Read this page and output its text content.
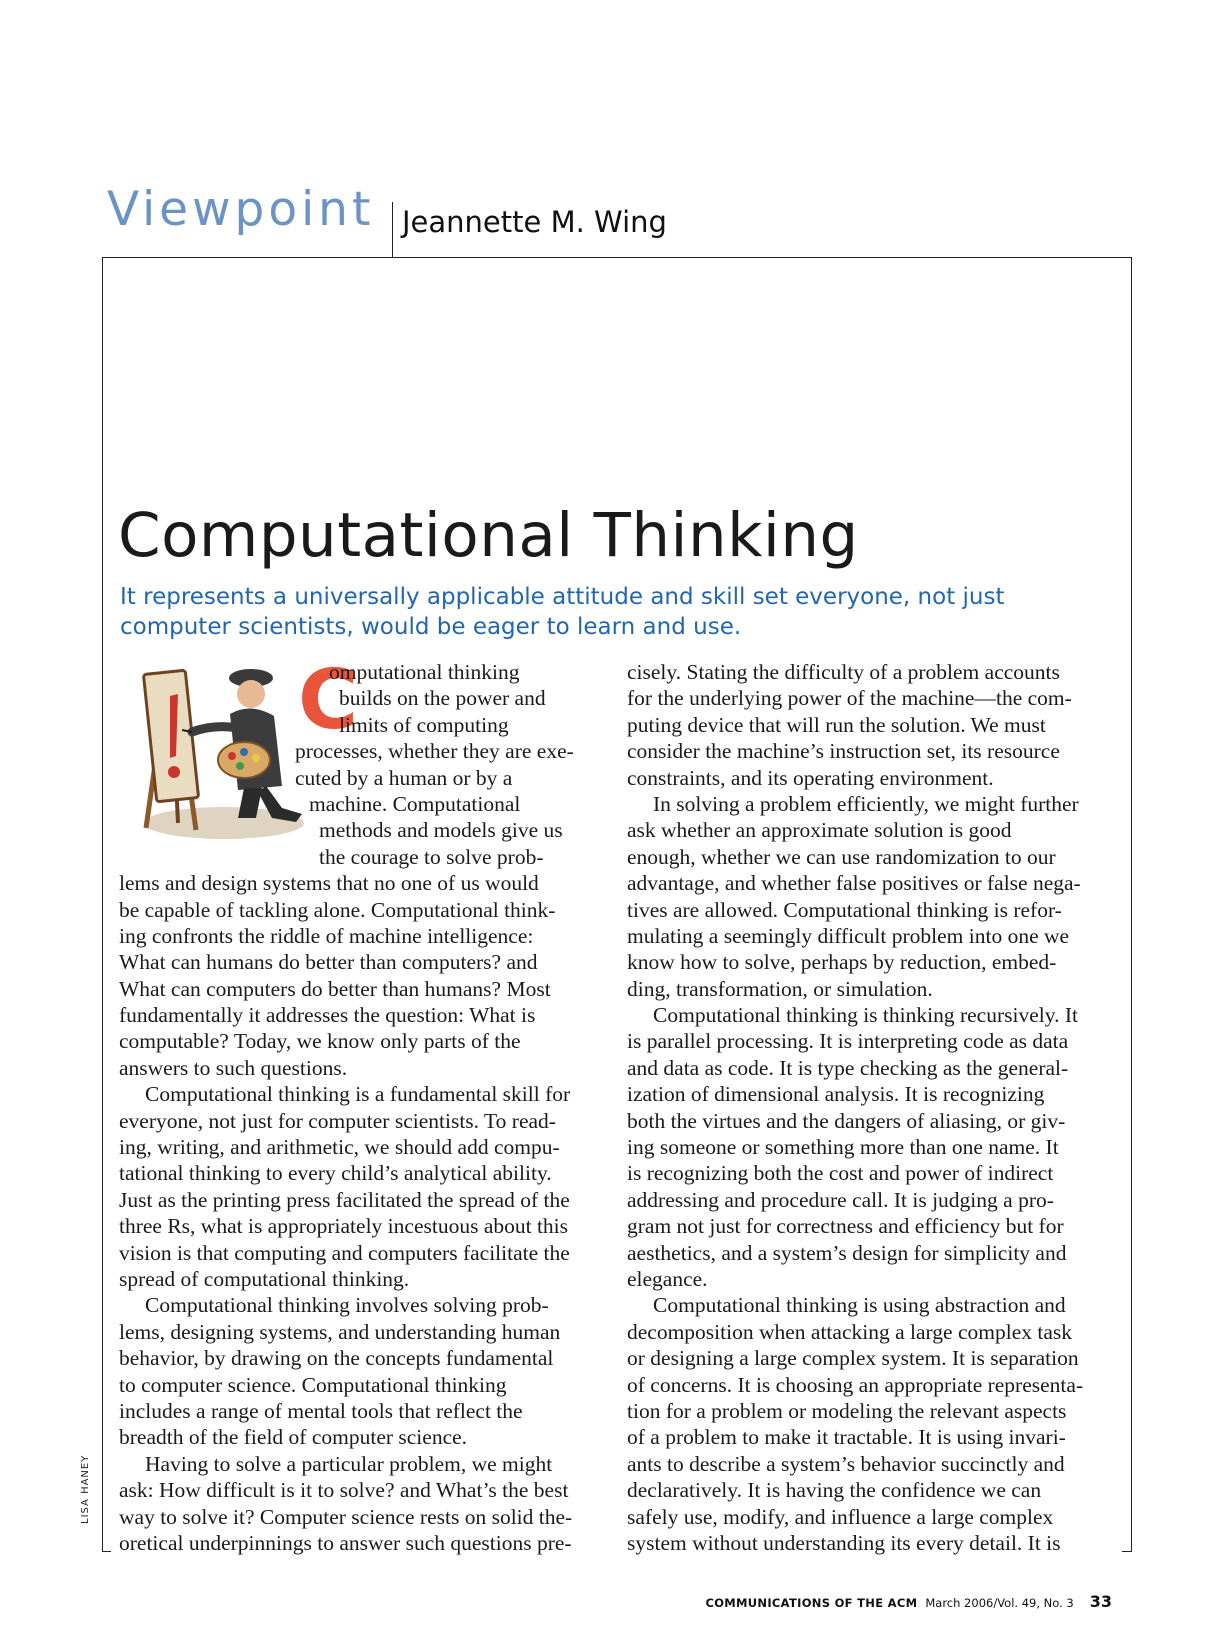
Viewpoint Jeannette M. Wing
Computational Thinking
It represents a universally applicable attitude and skill set everyone, not just computer scientists, would be eager to learn and use.
C
omputational thinking
builds on the power and
limits of computing
processes, whether they are exe-
cuted by a human or by a
machine. Computational
methods and models give us
the courage to solve prob-
lems and design systems that no one of us would
be capable of tackling alone. Computational think-
ing confronts the riddle of machine intelligence:
What can humans do better than computers? and
What can computers do better than humans? Most
fundamentally it addresses the question: What is
computable? Today, we know only parts of the
answers to such questions.
Computational thinking is a fundamental skill for
everyone, not just for computer scientists. To read-
ing, writing, and arithmetic, we should add compu-
tational thinking to every child’s analytical ability.
Just as the printing press facilitated the spread of the
three Rs, what is appropriately incestuous about this
vision is that computing and computers facilitate the
spread of computational thinking.
Computational thinking involves solving prob-
lems, designing systems, and understanding human
behavior, by drawing on the concepts fundamental
to computer science. Computational thinking
includes a range of mental tools that reflect the
breadth of the field of computer science.
Having to solve a particular problem, we might
ask: How difficult is it to solve? and What’s the best
way to solve it? Computer science rests on solid the-
oretical underpinnings to answer such questions pre-
cisely. Stating the difficulty of a problem accounts
for the underlying power of the machine—the com-
puting device that will run the solution. We must
consider the machine’s instruction set, its resource
constraints, and its operating environment.
In solving a problem efficiently, we might further
ask whether an approximate solution is good
enough, whether we can use randomization to our
advantage, and whether false positives or false nega-
tives are allowed. Computational thinking is refor-
mulating a seemingly difficult problem into one we
know how to solve, perhaps by reduction, embed-
ding, transformation, or simulation.
Computational thinking is thinking recursively. It
is parallel processing. It is interpreting code as data
and data as code. It is type checking as the general-
ization of dimensional analysis. It is recognizing
both the virtues and the dangers of aliasing, or giv-
ing someone or something more than one name. It
is recognizing both the cost and power of indirect
addressing and procedure call. It is judging a pro-
gram not just for correctness and efficiency but for
aesthetics, and a system’s design for simplicity and
elegance.
Computational thinking is using abstraction and
decomposition when attacking a large complex task
or designing a large complex system. It is separation
of concerns. It is choosing an appropriate representa-
tion for a problem or modeling the relevant aspects
of a problem to make it tractable. It is using invari-
ants to describe a system’s behavior succinctly and
declaratively. It is having the confidence we can
safely use, modify, and influence a large complex
system without understanding its every detail. It is
LISA HANEY
COMMUNICATIONS OF THE ACM March 2006/Vol. 49, No. 3 33
